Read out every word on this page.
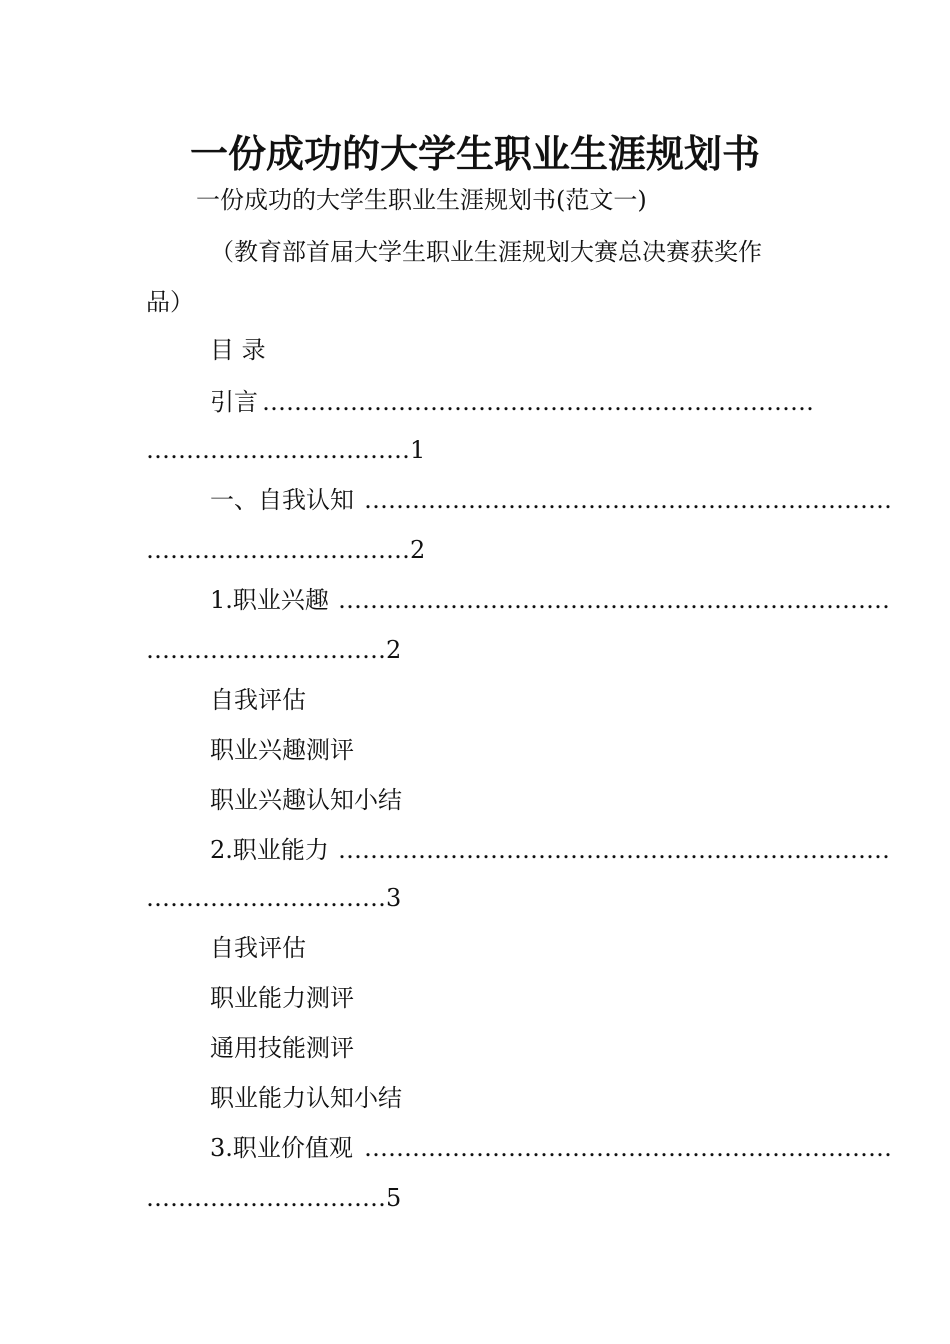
一份成功的大学生职业生涯规划书
一份成功的大学生职业生涯规划书(范文一)
（教育部首届大学生职业生涯规划大赛总决赛获奖作
品）
目 录
引言 ……………………………………………………………
……………………………1
一、自我认知 …………………………………………………………
……………………………2
1.职业兴趣 ……………………………………………………………
…………………………2
自我评估
职业兴趣测评
职业兴趣认知小结
2.职业能力 ……………………………………………………………
…………………………3
自我评估
职业能力测评
通用技能测评
职业能力认知小结
3.职业价值观 …………………………………………………………
…………………………5
